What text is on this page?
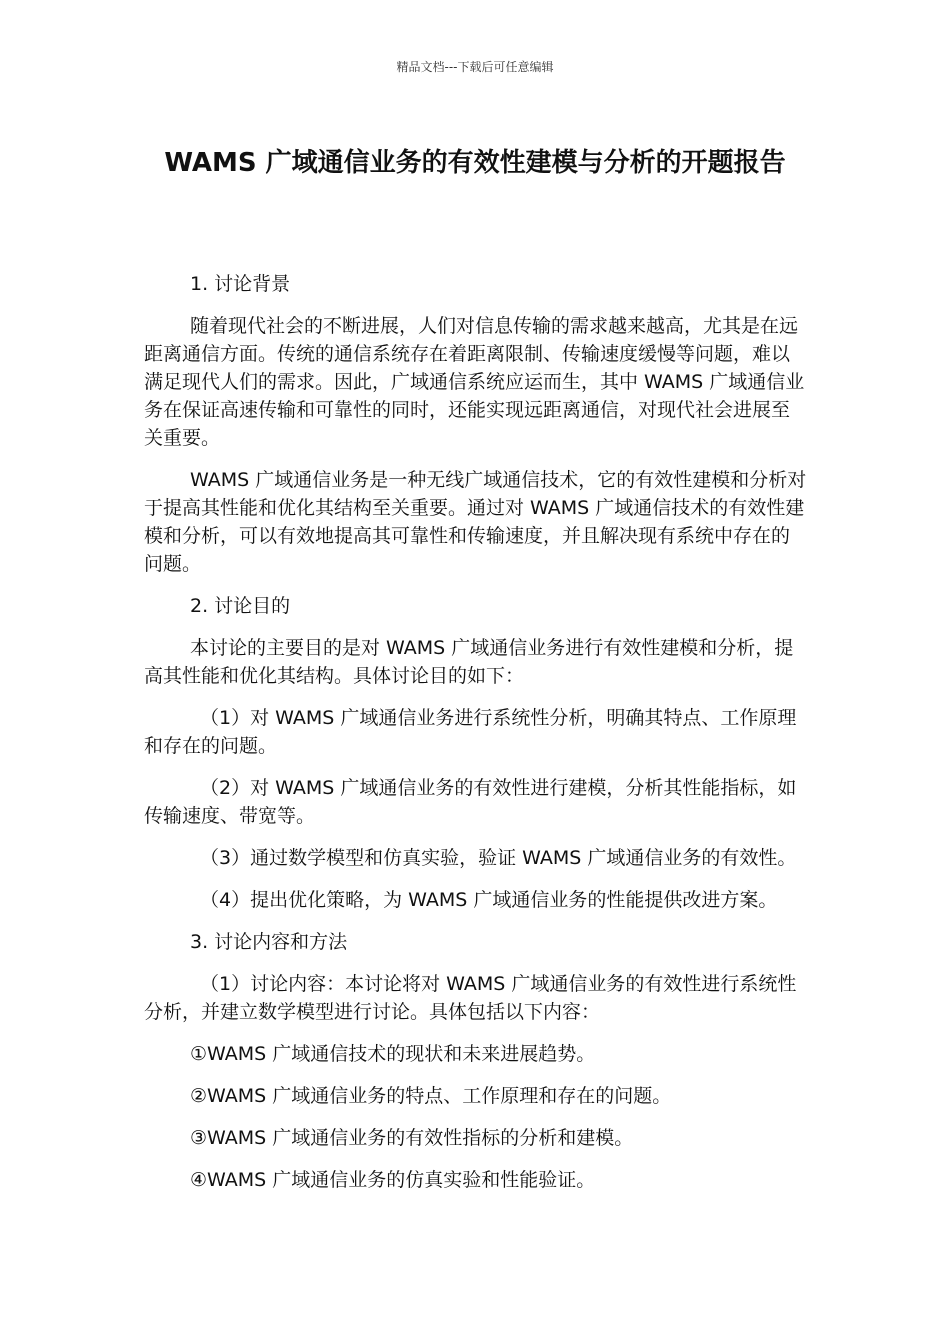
精品文档---下载后可任意编辑
WAMS 广域通信业务的有效性建模与分析的开题报告

1. 讨论背景

随着现代社会的不断进展，人们对信息传输的需求越来越高，尤其是在远距离通信方面。传统的通信系统存在着距离限制、传输速度缓慢等问题，难以满足现代人们的需求。因此，广域通信系统应运而生，其中 WAMS 广域通信业务在保证高速传输和可靠性的同时，还能实现远距离通信，对现代社会进展至关重要。

WAMS 广域通信业务是一种无线广域通信技术，它的有效性建模和分析对于提高其性能和优化其结构至关重要。通过对 WAMS 广域通信技术的有效性建模和分析，可以有效地提高其可靠性和传输速度，并且解决现有系统中存在的问题。

2. 讨论目的

本讨论的主要目的是对 WAMS 广域通信业务进行有效性建模和分析，提高其性能和优化其结构。具体讨论目的如下：

（1）对 WAMS 广域通信业务进行系统性分析，明确其特点、工作原理和存在的问题。

（2）对 WAMS 广域通信业务的有效性进行建模，分析其性能指标，如传输速度、带宽等。

（3）通过数学模型和仿真实验，验证 WAMS 广域通信业务的有效性。

（4）提出优化策略，为 WAMS 广域通信业务的性能提供改进方案。

3. 讨论内容和方法

（1）讨论内容：本讨论将对 WAMS 广域通信业务的有效性进行系统性分析，并建立数学模型进行讨论。具体包括以下内容：

①WAMS 广域通信技术的现状和未来进展趋势。

②WAMS 广域通信业务的特点、工作原理和存在的问题。

③WAMS 广域通信业务的有效性指标的分析和建模。

④WAMS 广域通信业务的仿真实验和性能验证。
